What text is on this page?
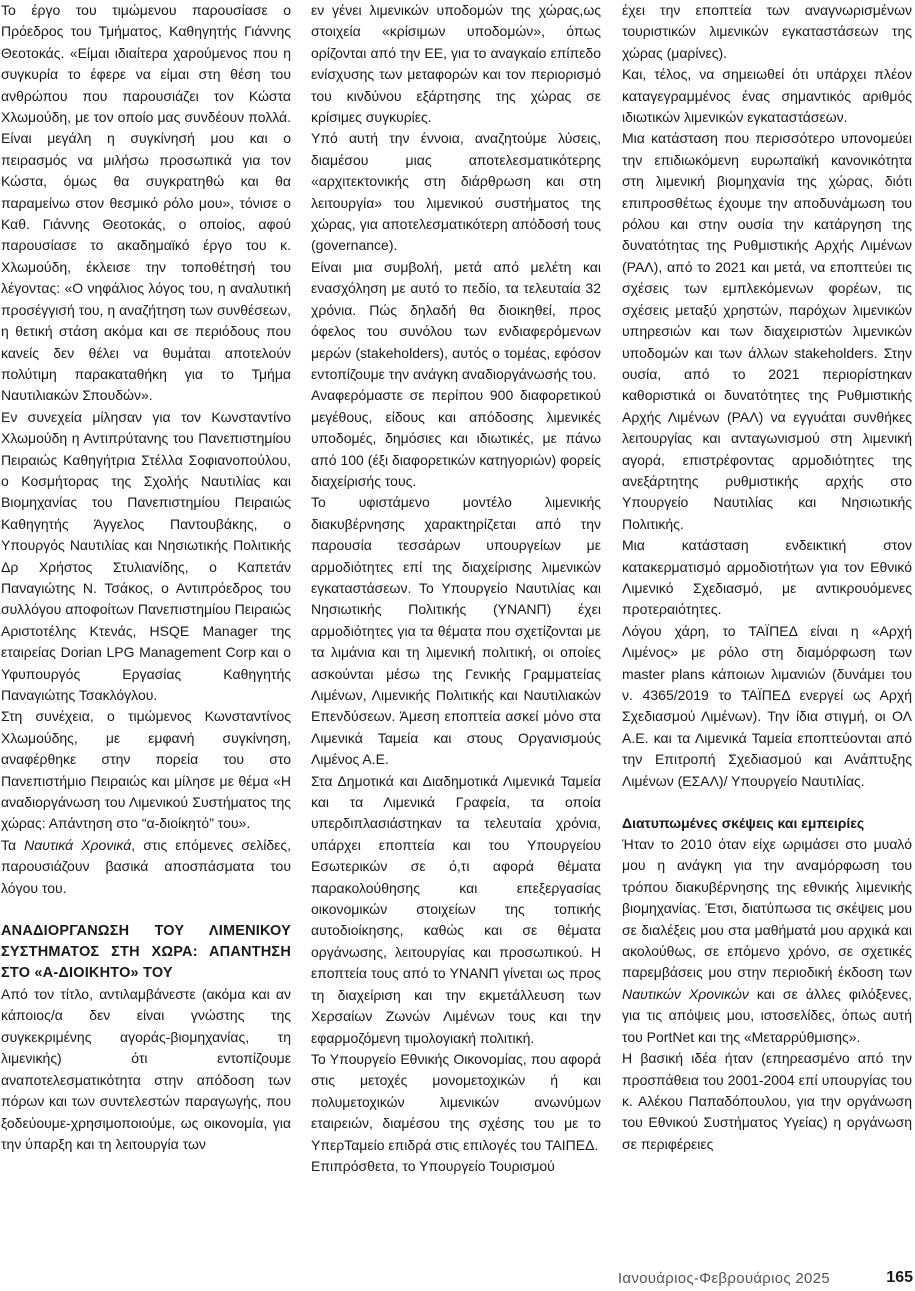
Το έργο του τιμώμενου παρουσίασε ο Πρόεδρος του Τμήματος, Καθηγητής Γιάννης Θεοτοκάς. «Είμαι ιδιαίτερα χαρούμενος που η συγκυρία το έφερε να είμαι στη θέση του ανθρώπου που παρουσιάζει τον Κώστα Χλωμούδη, με τον οποίο μας συνδέουν πολλά. Είναι μεγάλη η συγκίνησή μου και ο πειρασμός να μιλήσω προσωπικά για τον Κώστα, όμως θα συγκρατηθώ και θα παραμείνω στον θεσμικό ρόλο μου», τόνισε ο Καθ. Γιάννης Θεοτοκάς, ο οποίος, αφού παρουσίασε το ακαδημαϊκό έργο του κ. Χλωμούδη, έκλεισε την τοποθέτησή του λέγοντας: «Ο νηφάλιος λόγος του, η αναλυτική προσέγγισή του, η αναζήτηση των συνθέσεων, η θετική στάση ακόμα και σε περιόδους που κανείς δεν θέλει να θυμάται αποτελούν πολύτιμη παρακαταθήκη για το Τμήμα Ναυτιλιακών Σπουδών».

Εν συνεχεία μίλησαν για τον Κωνσταντίνο Χλωμούδη η Αντιπρύτανης του Πανεπιστημίου Πειραιώς Καθηγήτρια Στέλλα Σοφιανοπούλου, ο Κοσμήτορας της Σχολής Ναυτιλίας και Βιομηχανίας του Πανεπιστημίου Πειραιώς Καθηγητής Άγγελος Παντουβάκης, ο Υπουργός Ναυτιλίας και Νησιωτικής Πολιτικής Δρ Χρήστος Στυλιανίδης, ο Καπετάν Παναγιώτης Ν. Τσάκος, ο Αντιπρόεδρος του συλλόγου αποφοίτων Πανεπιστημίου Πειραιώς Αριστοτέλης Κτενάς, HSQE Manager της εταιρείας Dorian LPG Management Corp και ο Υφυπουργός Εργασίας Καθηγητής Παναγιώτης Τσακλόγλου.

Στη συνέχεια, ο τιμώμενος Κωνσταντίνος Χλωμούδης, με εμφανή συγκίνηση, αναφέρθηκε στην πορεία του στο Πανεπιστήμιο Πειραιώς και μίλησε με θέμα «Η αναδιοργάνωση του Λιμενικού Συστήματος της χώρας: Απάντηση στο “α-διοίκητό” του».

Τα Ναυτικά Χρονικά, στις επόμενες σελίδες, παρουσιάζουν βασικά αποσπάσματα του λόγου του.

ΑΝΑΔΙΟΡΓΑΝΩΣΗ ΤΟΥ ΛΙΜΕΝΙΚΟΥ ΣΥΣΤΗΜΑΤΟΣ ΣΤΗ ΧΩΡΑ: ΑΠΑΝΤΗΣΗ ΣΤΟ «Α-ΔΙΟΙΚΗΤΟ» ΤΟΥ

Από τον τίτλο, αντιλαμβάνεστε (ακόμα και αν κάποιος/α δεν είναι γνώστης της συγκεκριμένης αγοράς-βιομηχανίας, τη λιμενικής) ότι εντοπίζουμε αναποτελεσματικότητα στην απόδοση των πόρων και των συντελεστών παραγωγής, που ξοδεύουμε-χρησιμοποιούμε, ως οικονομία, για την ύπαρξη και τη λειτουργία των

εν γένει λιμενικών υποδομών της χώρας,ως στοιχεία «κρίσιμων υποδομών», όπως ορίζονται από την ΕΕ, για το αναγκαίο επίπεδο ενίσχυσης των μεταφορών και τον περιορισμό του κινδύνου εξάρτησης της χώρας σε κρίσιμες συγκυρίες.

Υπό αυτή την έννοια, αναζητούμε λύσεις, διαμέσου μιας αποτελεσματικότερης «αρχιτεκτονικής στη διάρθρωση και στη λειτουργία» του λιμενικού συστήματος της χώρας, για αποτελεσματικότερη απόδοσή τους (governance).

Είναι μια συμβολή, μετά από μελέτη και ενασχόληση με αυτό το πεδίο, τα τελευταία 32 χρόνια. Πώς δηλαδή θα διοικηθεί, προς όφελος του συνόλου των ενδιαφερόμενων μερών (stakeholders), αυτός ο τομέας, εφόσον εντοπίζουμε την ανάγκη αναδιοργάνωσής του.

Αναφερόμαστε σε περίπου 900 διαφορετικού μεγέθους, είδους και απόδοσης λιμενικές υποδομές, δημόσιες και ιδιωτικές, με πάνω από 100 (έξι διαφορετικών κατηγοριών) φορείς διαχείρισής τους.

Το υφιστάμενο μοντέλο λιμενικής διακυβέρνησης χαρακτηρίζεται από την παρουσία τεσσάρων υπουργείων με αρμοδιότητες επί της διαχείρισης λιμενικών εγκαταστάσεων. Το Υπουργείο Ναυτιλίας και Νησιωτικής Πολιτικής (ΥΝΑΝΠ) έχει αρμοδιότητες για τα θέματα που σχετίζονται με τα λιμάνια και τη λιμενική πολιτική, οι οποίες ασκούνται μέσω της Γενικής Γραμματείας Λιμένων, Λιμενικής Πολιτικής και Ναυτιλιακών Επενδύσεων. Άμεση εποπτεία ασκεί μόνο στα Λιμενικά Ταμεία και στους Οργανισμούς Λιμένος Α.Ε.

Στα Δημοτικά και Διαδημοτικά Λιμενικά Ταμεία και τα Λιμενικά Γραφεία, τα οποία υπερδιπλασιάστηκαν τα τελευταία χρόνια, υπάρχει εποπτεία και του Υπουργείου Εσωτερικών σε ό,τι αφορά θέματα παρακολούθησης και επεξεργασίας οικονομικών στοιχείων της τοπικής αυτοδιοίκησης, καθώς και σε θέματα οργάνωσης, λειτουργίας και προσωπικού. Η εποπτεία τους από το ΥΝΑΝΠ γίνεται ως προς τη διαχείριση και την εκμετάλλευση των Χερσαίων Ζωνών Λιμένων τους και την εφαρμοζόμενη τιμολογιακή πολιτική.

Το Υπουργείο Εθνικής Οικονομίας, που αφορά στις μετοχές μονομετοχικών ή και πολυμετοχικών λιμενικών ανωνύμων εταιρειών, διαμέσου της σχέσης του με το ΥπερΤαμείο επιδρά στις επιλογές του ΤΑΙΠΕΔ.

Επιπρόσθετα, το Υπουργείο Τουρισμού

έχει την εποπτεία των αναγνωρισμένων τουριστικών λιμενικών εγκαταστάσεων της χώρας (μαρίνες).

Και, τέλος, να σημειωθεί ότι υπάρχει πλέον καταγεγραμμένος ένας σημαντικός αριθμός ιδιωτικών λιμενικών εγκαταστάσεων.

Μια κατάσταση που περισσότερο υπονομεύει την επιδιωκόμενη ευρωπαϊκή κανονικότητα στη λιμενική βιομηχανία της χώρας, διότι επιπροσθέτως έχουμε την αποδυνάμωση του ρόλου και στην ουσία την κατάργηση της δυνατότητας της Ρυθμιστικής Αρχής Λιμένων (ΡΑΛ), από το 2021 και μετά, να εποπτεύει τις σχέσεις των εμπλεκόμενων φορέων, τις σχέσεις μεταξύ χρηστών, παρόχων λιμενικών υπηρεσιών και των διαχειριστών λιμενικών υποδομών και των άλλων stakeholders. Στην ουσία, από το 2021 περιορίστηκαν καθοριστικά οι δυνατότητες της Ρυθμιστικής Αρχής Λιμένων (ΡΑΛ) να εγγυάται συνθήκες λειτουργίας και ανταγωνισμού στη λιμενική αγορά, επιστρέφοντας αρμοδιότητες της ανεξάρτητης ρυθμιστικής αρχής στο Υπουργείο Ναυτιλίας και Νησιωτικής Πολιτικής.

Μια κατάσταση ενδεικτική στον κατακερματισμό αρμοδιοτήτων για τον Εθνικό Λιμενικό Σχεδιασμό, με αντικρουόμενες προτεραιότητες.

Λόγου χάρη, το ΤΑΪΠΕΔ είναι η «Αρχή Λιμένος» με ρόλο στη διαμόρφωση των master plans κάποιων λιμανιών (δυνάμει του ν. 4365/2019 το ΤΑΪΠΕΔ ενεργεί ως Αρχή Σχεδιασμού Λιμένων). Την ίδια στιγμή, οι ΟΛ Α.Ε. και τα Λιμενικά Ταμεία εποπτεύονται από την Επιτροπή Σχεδιασμού και Ανάπτυξης Λιμένων (ΕΣΑΛ)/ Υπουργείο Ναυτιλίας.

Διατυπωμένες σκέψεις και εμπειρίες

Ήταν το 2010 όταν είχε ωριμάσει στο μυαλό μου η ανάγκη για την αναμόρφωση του τρόπου διακυβέρνησης της εθνικής λιμενικής βιομηχανίας. Έτσι, διατύπωσα τις σκέψεις μου σε διαλέξεις μου στα μαθήματά μου αρχικά και ακολούθως, σε επόμενο χρόνο, σε σχετικές παρεμβάσεις μου στην περιοδική έκδοση των Ναυτικών Χρονικών και σε άλλες φιλόξενες, για τις απόψεις μου, ιστοσελίδες, όπως αυτή του PortNet και της «Μεταρρύθμισης».

Η βασική ιδέα ήταν (επηρεασμένο από την προσπάθεια του 2001-2004 επί υπουργίας του κ. Αλέκου Παπαδόπουλου, για την οργάνωση του Εθνικού Συστήματος Υγείας) η οργάνωση σε περιφέρειες

Ιανουάριος-Φεβρουάριος 2025	165
